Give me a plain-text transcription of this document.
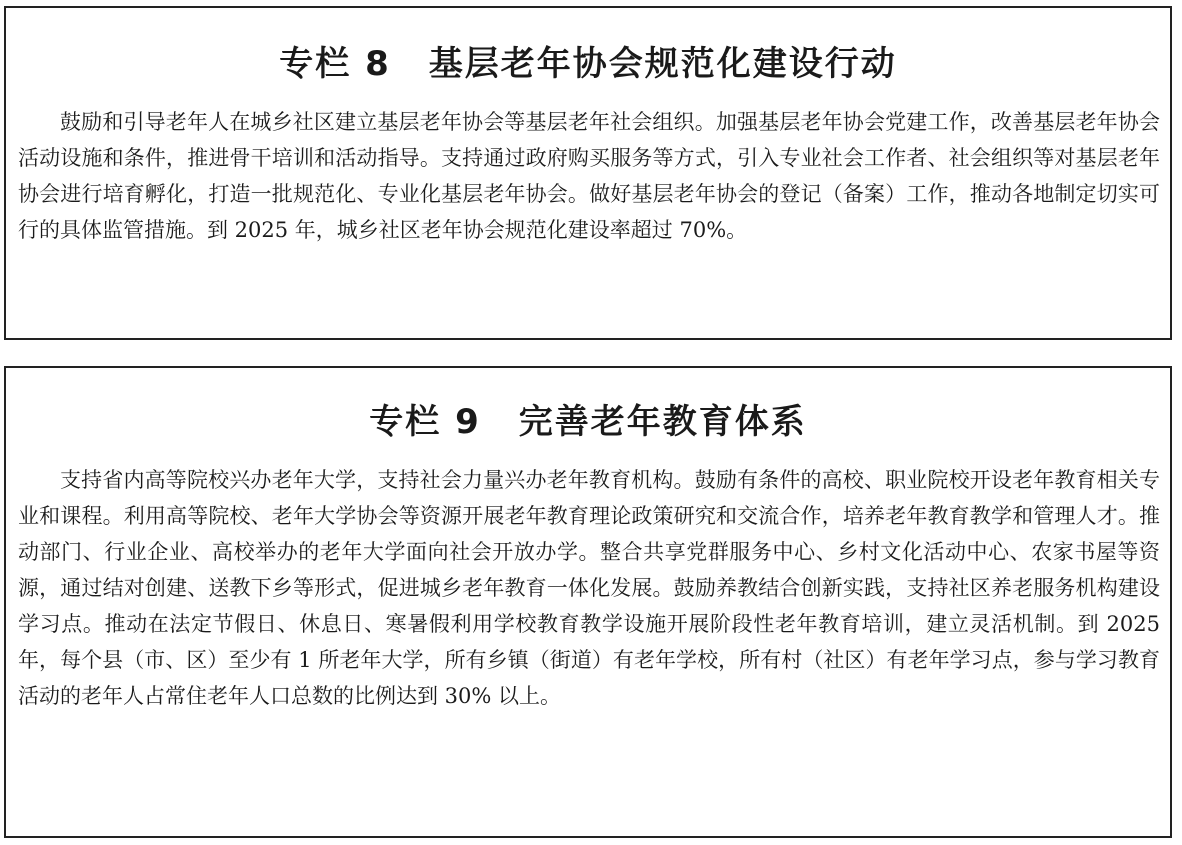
专栏 8 基层老年协会规范化建设行动

鼓励和引导老年人在城乡社区建立基层老年协会等基层老年社会组织。加强基层老年协会党建工作，改善基层老年协会活动设施和条件，推进骨干培训和活动指导。支持通过政府购买服务等方式，引入专业社会工作者、社会组织等对基层老年协会进行培育孵化，打造一批规范化、专业化基层老年协会。做好基层老年协会的登记（备案）工作，推动各地制定切实可行的具体监管措施。到 2025 年，城乡社区老年协会规范化建设率超过 70%。

专栏 9 完善老年教育体系

支持省内高等院校兴办老年大学，支持社会力量兴办老年教育机构。鼓励有条件的高校、职业院校开设老年教育相关专业和课程。利用高等院校、老年大学协会等资源开展老年教育理论政策研究和交流合作，培养老年教育教学和管理人才。推动部门、行业企业、高校举办的老年大学面向社会开放办学。整合共享党群服务中心、乡村文化活动中心、农家书屋等资源，通过结对创建、送教下乡等形式，促进城乡老年教育一体化发展。鼓励养教结合创新实践，支持社区养老服务机构建设学习点。推动在法定节假日、休息日、寒暑假利用学校教育教学设施开展阶段性老年教育培训，建立灵活机制。到 2025 年，每个县（市、区）至少有 1 所老年大学，所有乡镇（街道）有老年学校，所有村（社区）有老年学习点，参与学习教育活动的老年人占常住老年人口总数的比例达到 30% 以上。
